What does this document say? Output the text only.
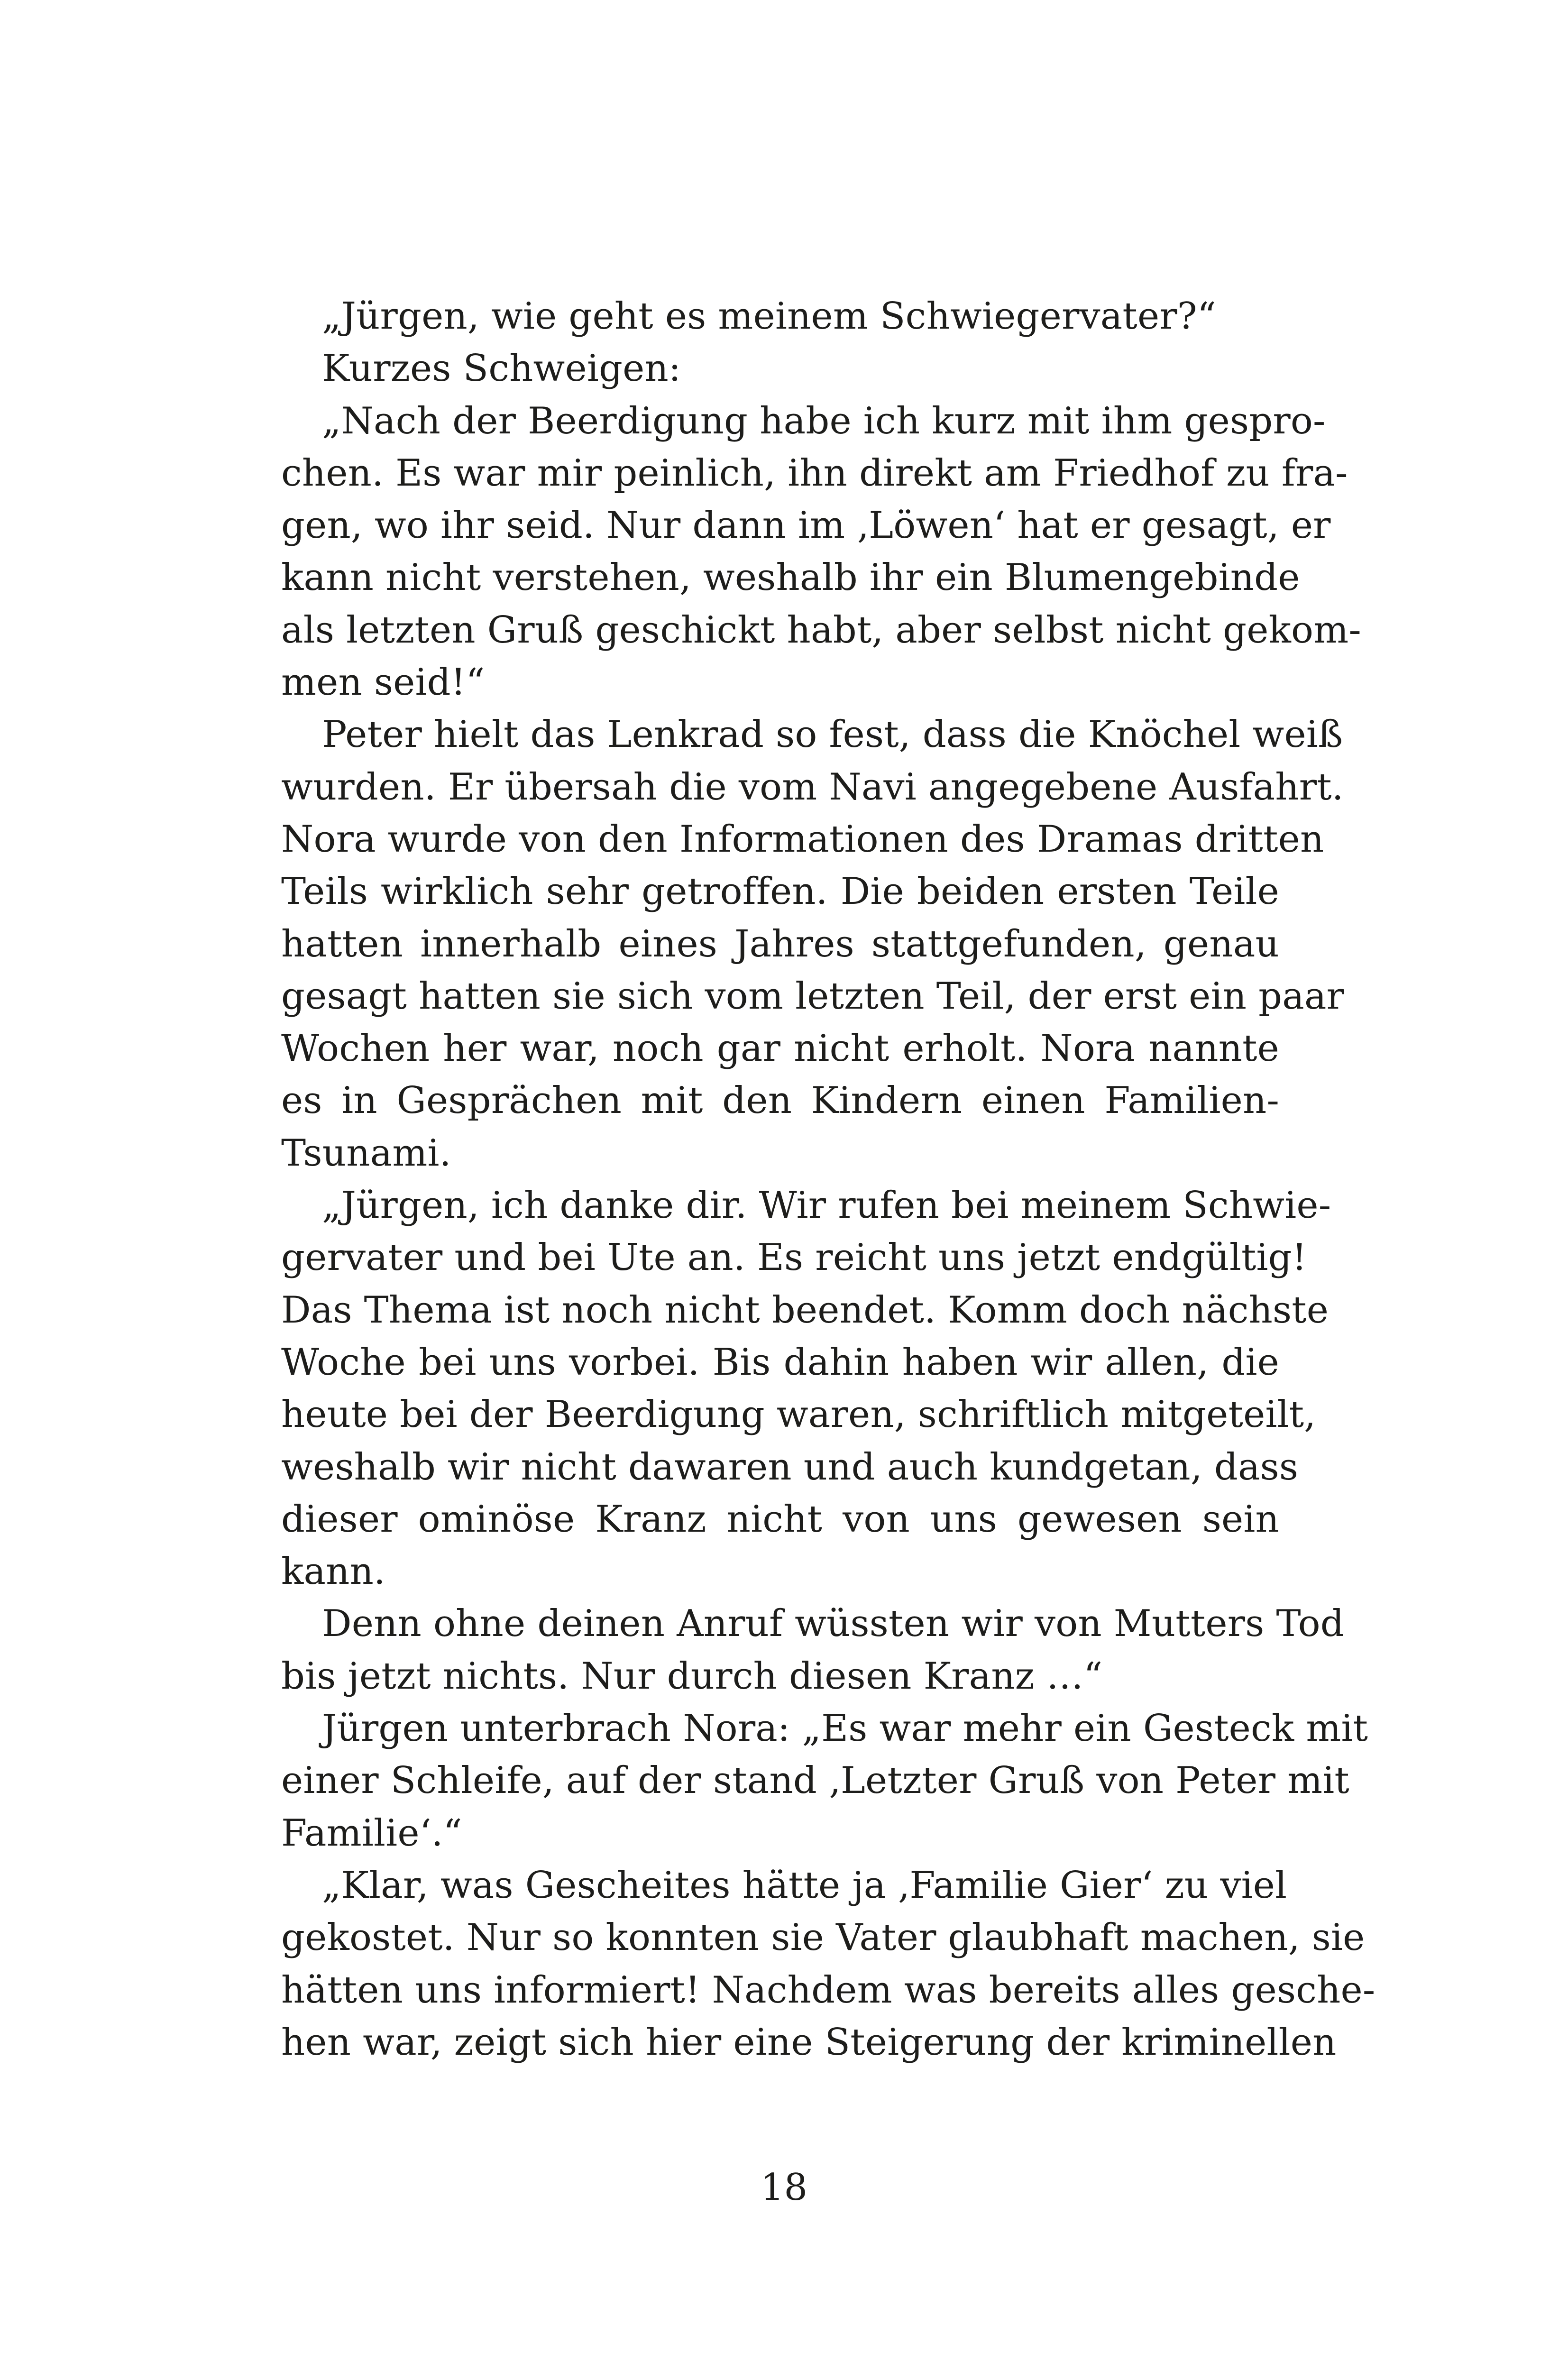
„Jürgen, wie geht es meinem Schwiegervater?“
Kurzes Schweigen:
„Nach der Beerdigung habe ich kurz mit ihm gespro-
chen. Es war mir peinlich, ihn direkt am Friedhof zu fra-
gen, wo ihr seid. Nur dann im ‚Löwen‘ hat er gesagt, er
kann nicht verstehen, weshalb ihr ein Blumengebinde
als letzten Gruß geschickt habt, aber selbst nicht gekom-
men seid!“
Peter hielt das Lenkrad so fest, dass die Knöchel weiß
wurden. Er übersah die vom Navi angegebene Ausfahrt.
Nora wurde von den Informationen des Dramas dritten
Teils wirklich sehr getroffen. Die beiden ersten Teile
hatten innerhalb eines Jahres stattgefunden, genau
gesagt hatten sie sich vom letzten Teil, der erst ein paar
Wochen her war, noch gar nicht erholt. Nora nannte
es in Gesprächen mit den Kindern einen Familien-
Tsunami.
„Jürgen, ich danke dir. Wir rufen bei meinem Schwie-
gervater und bei Ute an. Es reicht uns jetzt endgültig!
Das Thema ist noch nicht beendet. Komm doch nächste
Woche bei uns vorbei. Bis dahin haben wir allen, die
heute bei der Beerdigung waren, schriftlich mitgeteilt,
weshalb wir nicht dawaren und auch kundgetan, dass
dieser ominöse Kranz nicht von uns gewesen sein
kann.
Denn ohne deinen Anruf wüssten wir von Mutters Tod
bis jetzt nichts. Nur durch diesen Kranz …“
Jürgen unterbrach Nora: „Es war mehr ein Gesteck mit
einer Schleife, auf der stand ‚Letzter Gruß von Peter mit
Familie‘.“
„Klar, was Gescheites hätte ja ‚Familie Gier‘ zu viel
gekostet. Nur so konnten sie Vater glaubhaft machen, sie
hätten uns informiert! Nachdem was bereits alles gesche-
hen war, zeigt sich hier eine Steigerung der kriminellen
18
